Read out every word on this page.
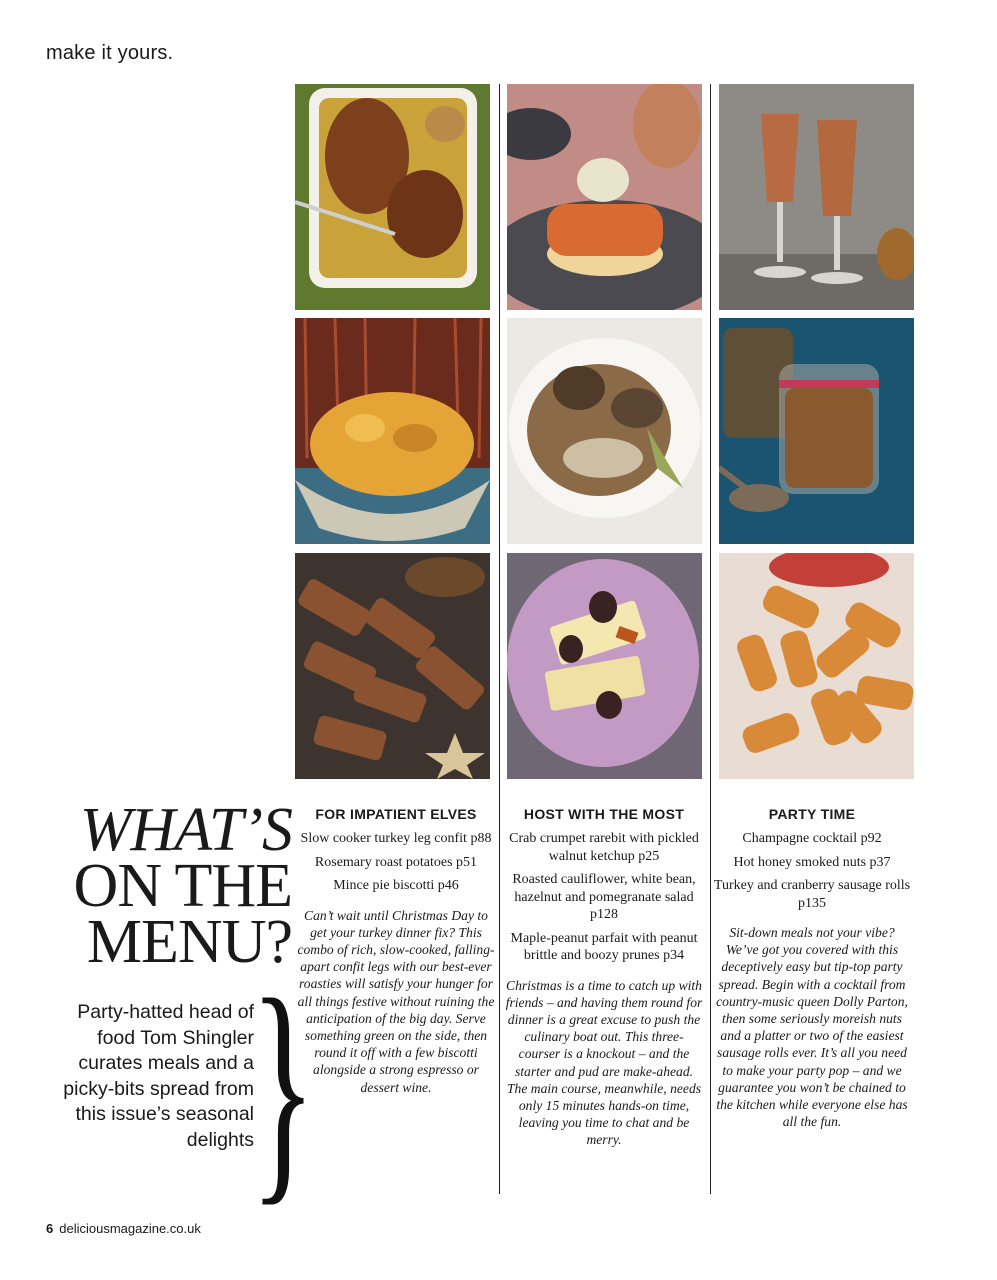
make it yours.
WHAT’S
ON THE
MENU?
Party-hatted head of food Tom Shingler curates meals and a picky-bits spread from this issue’s seasonal delights
}
FOR IMPATIENT ELVES
Slow cooker turkey leg confit p88
Rosemary roast potatoes p51
Mince pie biscotti p46
Can’t wait until Christmas Day to get your turkey dinner fix? This combo of rich, slow-cooked, falling-apart confit legs with our best-ever roasties will satisfy your hunger for all things festive without ruining the anticipation of the big day. Serve something green on the side, then round it off with a few biscotti alongside a strong espresso or dessert wine.
HOST WITH THE MOST
Crab crumpet rarebit with pickled walnut ketchup p25
Roasted cauliflower, white bean, hazelnut and pomegranate salad p128
Maple-peanut parfait with peanut brittle and boozy prunes p34
Christmas is a time to catch up with friends – and having them round for dinner is a great excuse to push the culinary boat out. This three-courser is a knockout – and the starter and pud are make-ahead. The main course, meanwhile, needs only 15 minutes hands-on time, leaving you time to chat and be merry.
PARTY TIME
Champagne cocktail p92
Hot honey smoked nuts p37
Turkey and cranberry sausage rolls p135
Sit-down meals not your vibe? We’ve got you covered with this deceptively easy but tip-top party spread. Begin with a cocktail from country-music queen Dolly Parton, then some seriously moreish nuts and a platter or two of the easiest sausage rolls ever. It’s all you need to make your party pop – and we guarantee you won’t be chained to the kitchen while everyone else has all the fun.
6 deliciousmagazine.co.uk
